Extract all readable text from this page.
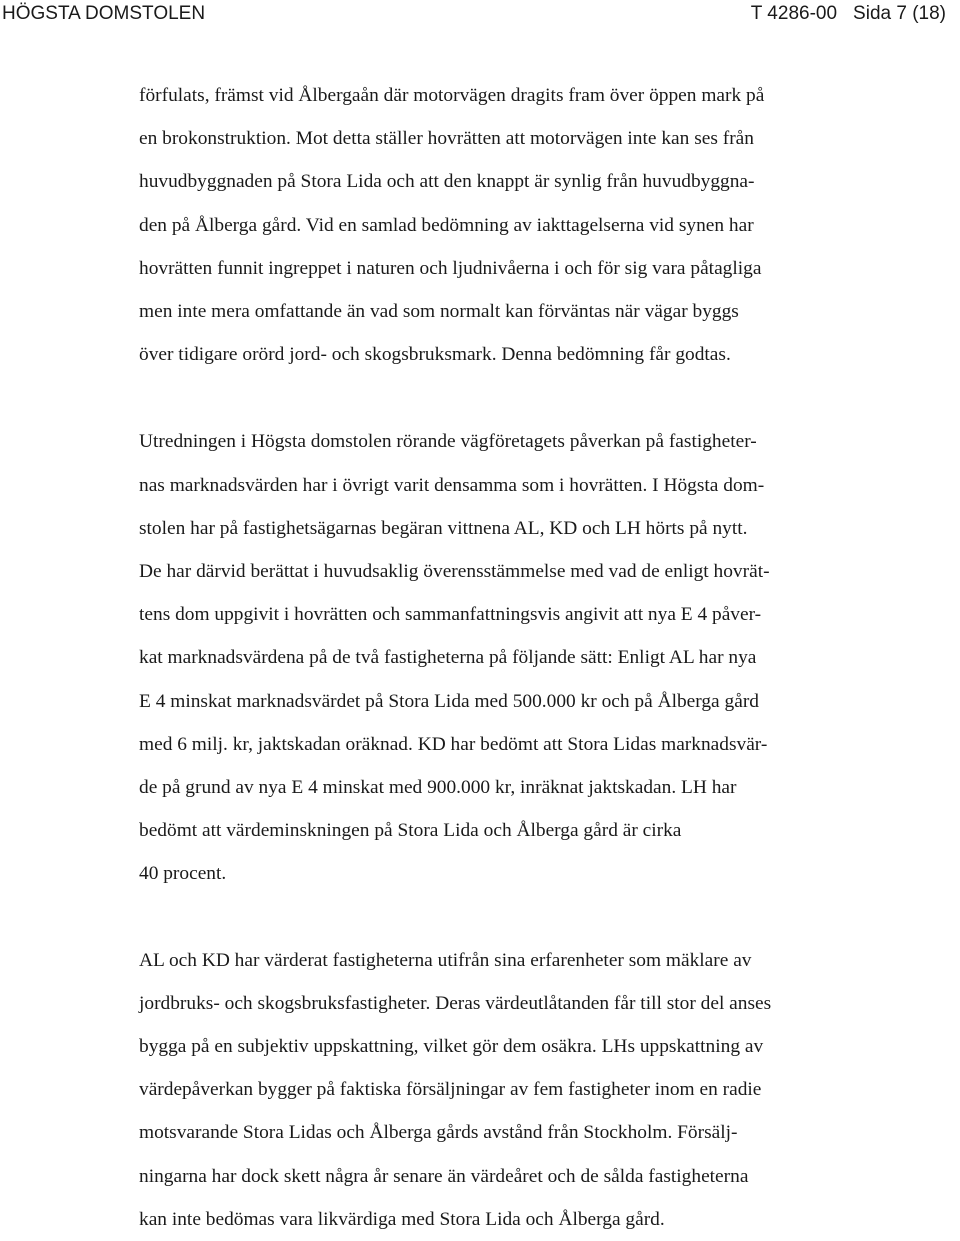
HÖGSTA DOMSTOLEN	T 4286-00 Sida 7 (18)

förfulats, främst vid Ålbergaån där motorvägen dragits fram över öppen mark på
en brokonstruktion. Mot detta ställer hovrätten att motorvägen inte kan ses från
huvudbyggnaden på Stora Lida och att den knappt är synlig från huvudbyggna-
den på Ålberga gård. Vid en samlad bedömning av iakttagelserna vid synen har
hovrätten funnit ingreppet i naturen och ljudnivåerna i och för sig vara påtagliga
men inte mera omfattande än vad som normalt kan förväntas när vägar byggs
över tidigare orörd jord- och skogsbruksmark. Denna bedömning får godtas.

Utredningen i Högsta domstolen rörande vägföretagets påverkan på fastigheter-
nas marknadsvärden har i övrigt varit densamma som i hovrätten. I Högsta dom-
stolen har på fastighetsägarnas begäran vittnena AL, KD och LH hörts på nytt.
De har därvid berättat i huvudsaklig överensstämmelse med vad de enligt hovrät-
tens dom uppgivit i hovrätten och sammanfattningsvis angivit att nya E 4 påver-
kat marknadsvärdena på de två fastigheterna på följande sätt: Enligt AL har nya
E 4 minskat marknadsvärdet på Stora Lida med 500.000 kr och på Ålberga gård
med 6 milj. kr, jaktskadan oräknad. KD har bedömt att Stora Lidas marknadsvär-
de på grund av nya E 4 minskat med 900.000 kr, inräknat jaktskadan. LH har
bedömt att värdeminskningen på Stora Lida och Ålberga gård är cirka
40 procent.

AL och KD har värderat fastigheterna utifrån sina erfarenheter som mäklare av
jordbruks- och skogsbruksfastigheter. Deras värdeutlåtanden får till stor del anses
bygga på en subjektiv uppskattning, vilket gör dem osäkra. LHs uppskattning av
värdepåverkan bygger på faktiska försäljningar av fem fastigheter inom en radie
motsvarande Stora Lidas och Ålberga gårds avstånd från Stockholm. Försälj-
ningarna har dock skett några år senare än värdeåret och de sålda fastigheterna
kan inte bedömas vara likvärdiga med Stora Lida och Ålberga gård.
